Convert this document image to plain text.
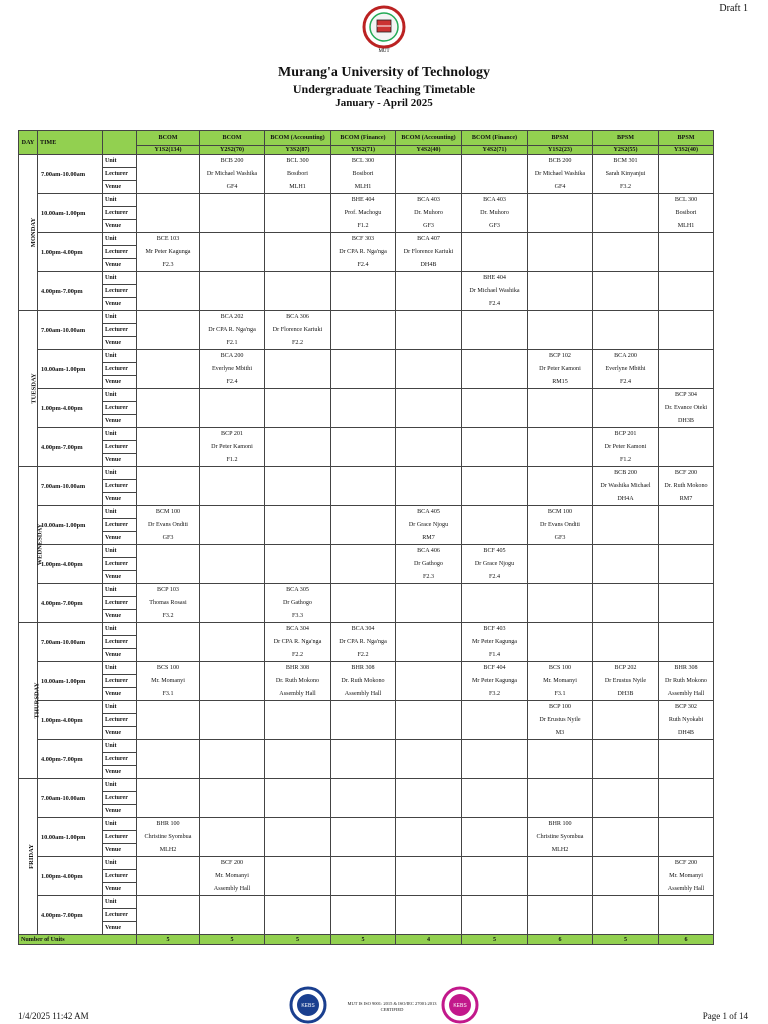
Draft 1
MUT
Murang'a University of Technology
Undergraduate Teaching Timetable
January - April 2025
DAY	TIME		BCOM	BCOM	BCOM (Accounting)	BCOM (Finance)	BCOM (Accounting)	BCOM (Finance)	BPSM	BPSM	BPSM
			Y1S2(134)	Y2S2(70)	Y3S2(87)	Y3S2(71)	Y4S2(40)	Y4S2(71)	Y1S2(23)	Y2S2(55)	Y3S2(40)
MONDAY	7.00am-10.00am	Unit		BCB 200	BCL 300	BCL 300			BCB 200	BCM 301	
		Lecturer		Dr Michael Washika	Bosibori	Bosibori			Dr Michael Washika	Sarah Kinyanjui	
		Venue		GF4	MLH1	MLH1			GF4	F3.2	
	10.00am-1.00pm	Unit				BHE 404	BCA 403	BCA 403			BCL 300
		Lecturer				Prof. Machogu	Dr. Muhoro	Dr. Muhoro			Bosibori
		Venue				F1.2	GF3	GF3			MLH1
	1.00pm-4.00pm	Unit	BCE 103			BCF 303	BCA 407				
		Lecturer	Mr Peter Kagunga			Dr CPA R. Nga'nga	Dr Florence Kariuki				
		Venue	F2.3			F2.4	DH4B				
	4.00pm-7.00pm	Unit						BHE 404			
		Lecturer						Dr Michael Washika			
		Venue						F2.4			
TUESDAY	7.00am-10.00am	Unit		BCA 202	BCA 306						
		Lecturer		Dr CPA R. Nga'nga	Dr Florence Kariuki						
		Venue		F2.1	F2.2						
	10.00am-1.00pm	Unit		BCA 200					BCP 102	BCA 200	
		Lecturer		Everlyne Mbithi					Dr Peter Kamoni	Everlyne Mbithi	
		Venue		F2.4					RM15	F2.4	
	1.00pm-4.00pm	Unit									BCP 304
		Lecturer									Dr. Evance Oteki
		Venue									DH3B
	4.00pm-7.00pm	Unit		BCP 201						BCP 201	
		Lecturer		Dr Peter Kamoni						Dr Peter Kamoni	
		Venue		F1.2						F1.2	
WEDNESDAY	7.00am-10.00am	Unit								BCB 200	BCF 200
		Lecturer								Dr Washika Michael	Dr. Ruth Mokono
		Venue								DH4A	RM7
	10.00am-1.00pm	Unit	BCM 100				BCA 405		BCM 100		
		Lecturer	Dr Evans Onditi				Dr Grace Njogu		Dr Evans Onditi		
		Venue	GF3				RM7		GF3		
	1.00pm-4.00pm	Unit					BCA 406	BCF 405			
		Lecturer					Dr Gathogo	Dr Grace Njogu			
		Venue					F2.3	F2.4			
	4.00pm-7.00pm	Unit	BCP 103		BCA 305						
		Lecturer	Thomas Rosasi		Dr Gathogo						
		Venue	F3.2		F3.3						
THURSDAY	7.00am-10.00am	Unit			BCA 304	BCA 304		BCF 403			
		Lecturer			Dr CPA R. Nga'nga	Dr CPA R. Nga'nga		Mr Peter Kagunga			
		Venue			F2.2	F2.2		F1.4			
	10.00am-1.00pm	Unit	BCS 100		BHR 308	BHR 308		BCF 404	BCS 100	BCP 202	BHR 308
		Lecturer	Mr. Momanyi		Dr. Ruth Mokono	Dr. Ruth Mokono		Mr Peter Kagunga	Mr. Momanyi	Dr Erustus Nyile	Dr Ruth Mokono
		Venue	F3.1		Assembly Hall	Assembly Hall		F3.2	F3.1	DH3B	Assembly Hall
	1.00pm-4.00pm	Unit							BCP 100		BCP 302
		Lecturer							Dr Erustus Nyile		Ruth Nyokabi
		Venue							M3		DH4B
	4.00pm-7.00pm	Unit									
		Lecturer									
		Venue									
FRIDAY	7.00am-10.00am	Unit									
		Lecturer									
		Venue									
	10.00am-1.00pm	Unit	BHR 100						BHR 100		
		Lecturer	Christine Syombua						Christine Syombua		
		Venue	MLH2						MLH2		
	1.00pm-4.00pm	Unit		BCF 200							BCF 200
		Lecturer		Mr. Momanyi							Mr. Momanyi
		Venue		Assembly Hall							Assembly Hall
	4.00pm-7.00pm	Unit									
		Lecturer									
		Venue									
Number of Units			5	5	5	5	4	5	6	5	6
1/4/2025 11:42 AM
KEBS	KEBS
MUT IS ISO 9001: 2015 & ISO/IEC 27001:2013 CERTIFIED
Page 1 of 14
